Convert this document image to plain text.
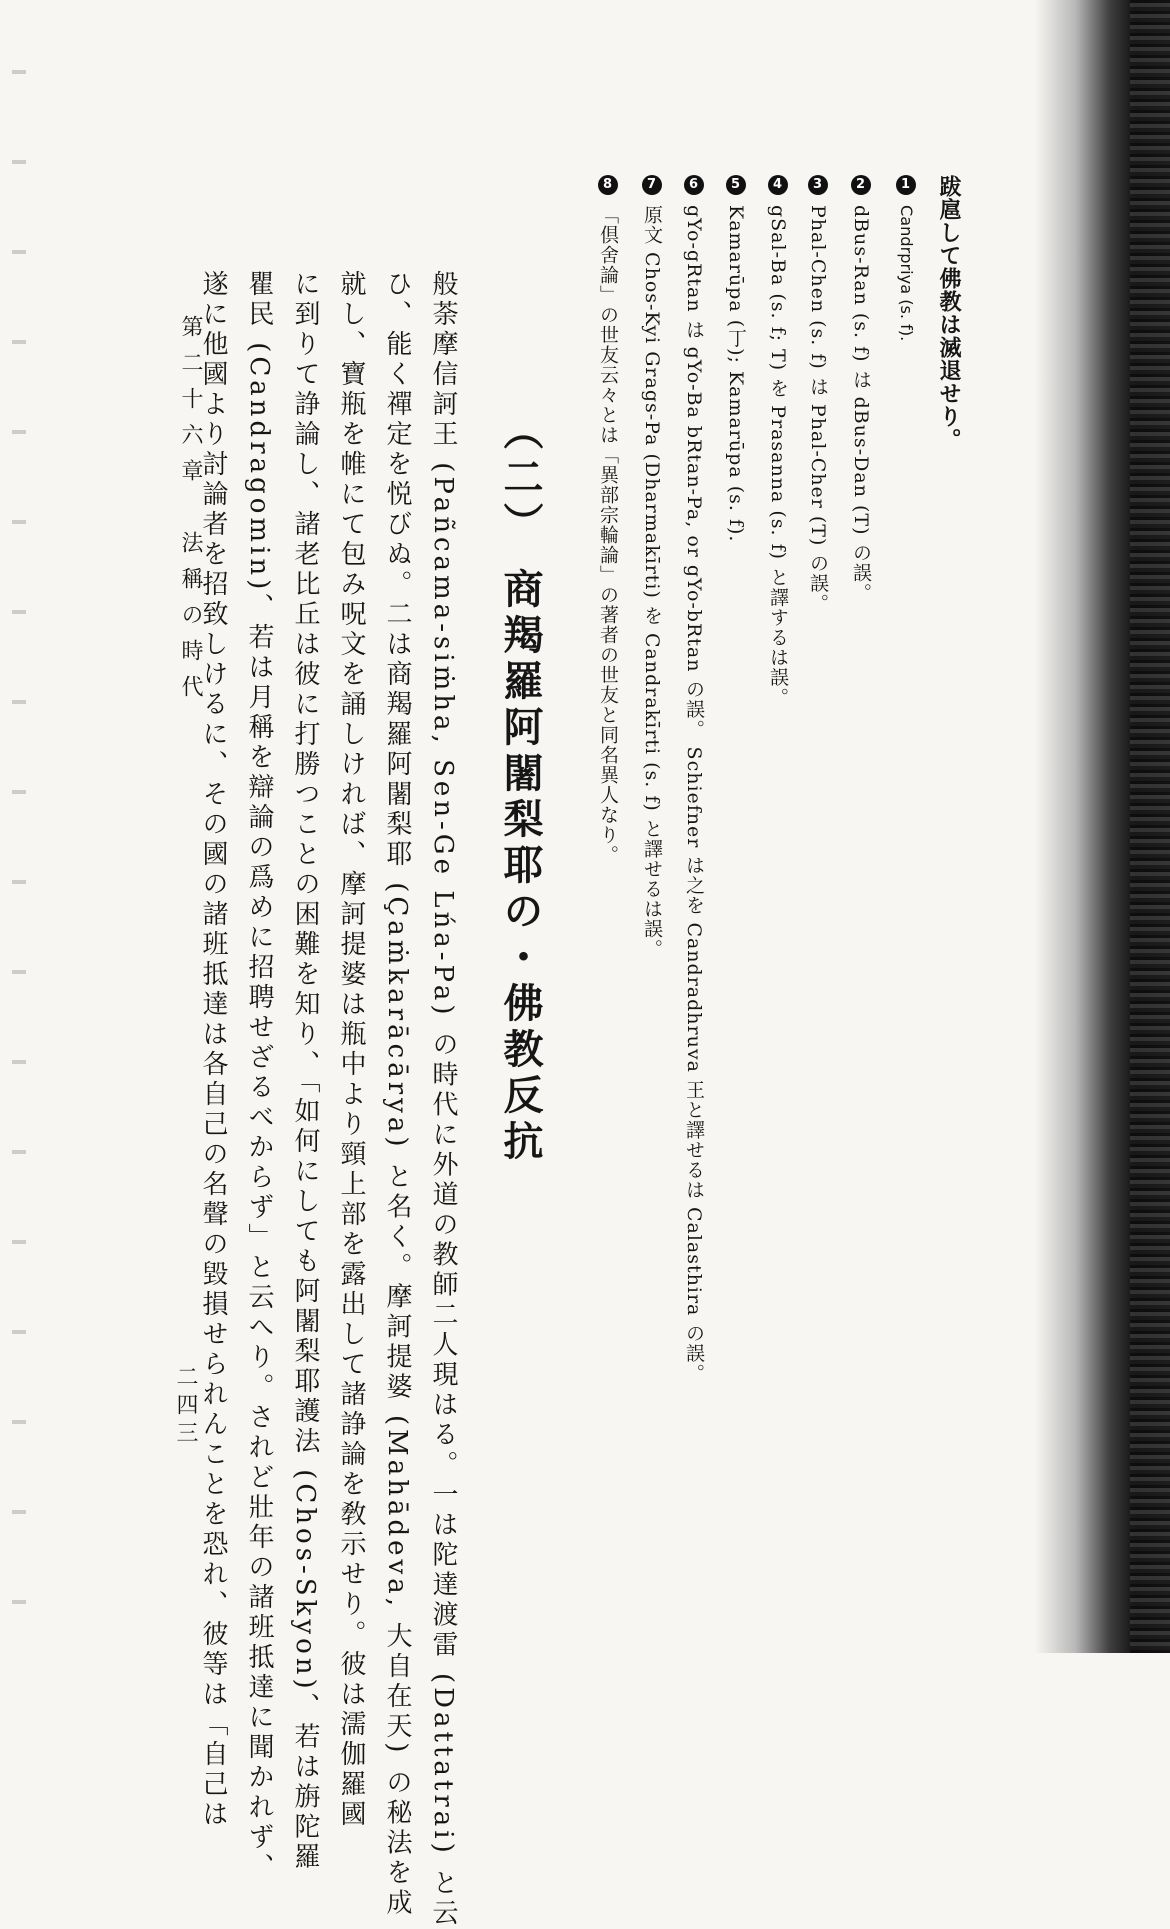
跋扈して佛教は滅退せり。
1Candrpriya (s. f).
2dBus-Ran (s. f) は dBus-Dan (T) の誤。
3Phal-Chen (s. f) は Phal-Cher (T) の誤。
4gSal-Ba (s. f; T) を Prasanna (s. f) と譯するは誤。
5Kamarūpa (丁); Kamarūpa (s. f).
6gYo-gRtan は gYo-Ba bRtan-Pa, or gYo-bRtan の誤。 Schiefner は之を Candradhruva 王と譯せるは Calasthira の誤。
7原文 Chos-Kyi Grags-Pa (Dharmakīrti) を Candrakīrti (s. f) と譯せるは誤。
8「倶舍論」の世友云々とは「異部宗輪論」の著者の世友と同名異人なり。
（二） 商羯羅阿闍梨耶の・佛教反抗
般荼摩信訶王 (Pañcama-siṁha, Sen-Ge Lńa-Pa) の時代に外道の教師二人現はる。一は陀達渡雷 (Dattatrai) と云
ひ、能く禪定を悦びぬ。二は商羯羅阿闍梨耶 (Çaṁkarācārya) と名く。摩訶提婆 (Mahādeva, 大自在天) の秘法を成
就し、寶瓶を帷にて包み呪文を誦しければ、摩訶提婆は瓶中より頸上部を露出して諸諍論を敎示せり。彼は濡伽羅國
に到りて諍論し、諸老比丘は彼に打勝つことの困難を知り、「如何にしても阿闍梨耶護法 (Chos-Skyon)、若は旃陀羅
瞿民 (Candragomin)、若は月稱を辯論の爲めに招聘せざるべからず」と云へり。されど壯年の諸班抵達に聞かれず、
遂に他國より討論者を招致しけるに、その國の諸班抵達は各自己の名聲の毀損せられんことを恐れ、彼等は「自己は
第二十六章　法稱の時代
二四三
